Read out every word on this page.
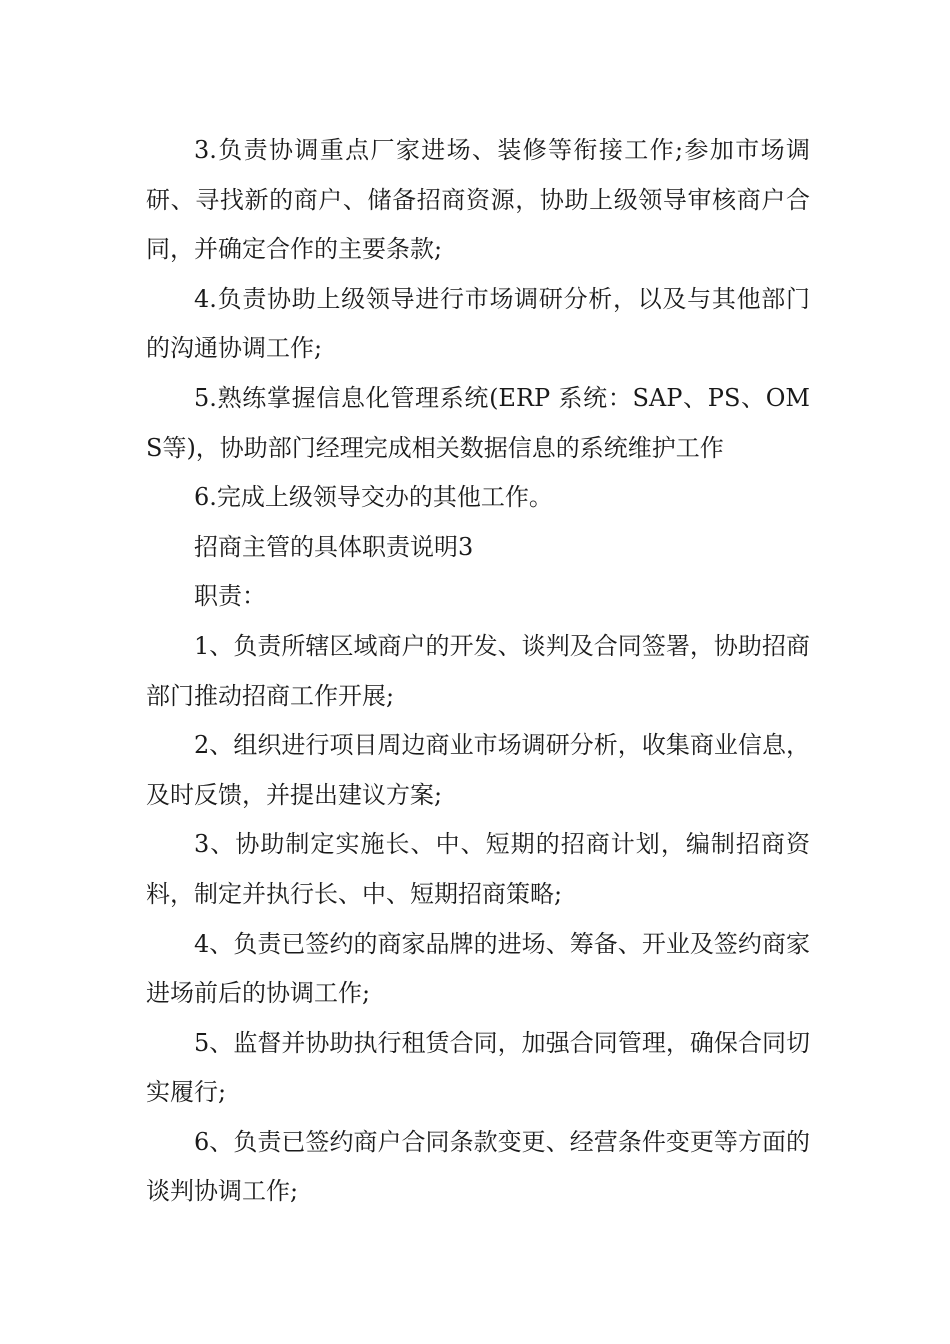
3.负责协调重点厂家进场、装修等衔接工作;参加市场调研、寻找新的商户、储备招商资源，协助上级领导审核商户合同，并确定合作的主要条款;

4.负责协助上级领导进行市场调研分析，以及与其他部门的沟通协调工作;

5.熟练掌握信息化管理系统(ERP 系统：SAP、PS、OMS等)，协助部门经理完成相关数据信息的系统维护工作

6.完成上级领导交办的其他工作。

招商主管的具体职责说明3

职责：

1、负责所辖区域商户的开发、谈判及合同签署，协助招商部门推动招商工作开展;

2、组织进行项目周边商业市场调研分析，收集商业信息，及时反馈，并提出建议方案;

3、协助制定实施长、中、短期的招商计划，编制招商资料，制定并执行长、中、短期招商策略;

4、负责已签约的商家品牌的进场、筹备、开业及签约商家进场前后的协调工作;

5、监督并协助执行租赁合同，加强合同管理，确保合同切实履行;

6、负责已签约商户合同条款变更、经营条件变更等方面的谈判协调工作;
